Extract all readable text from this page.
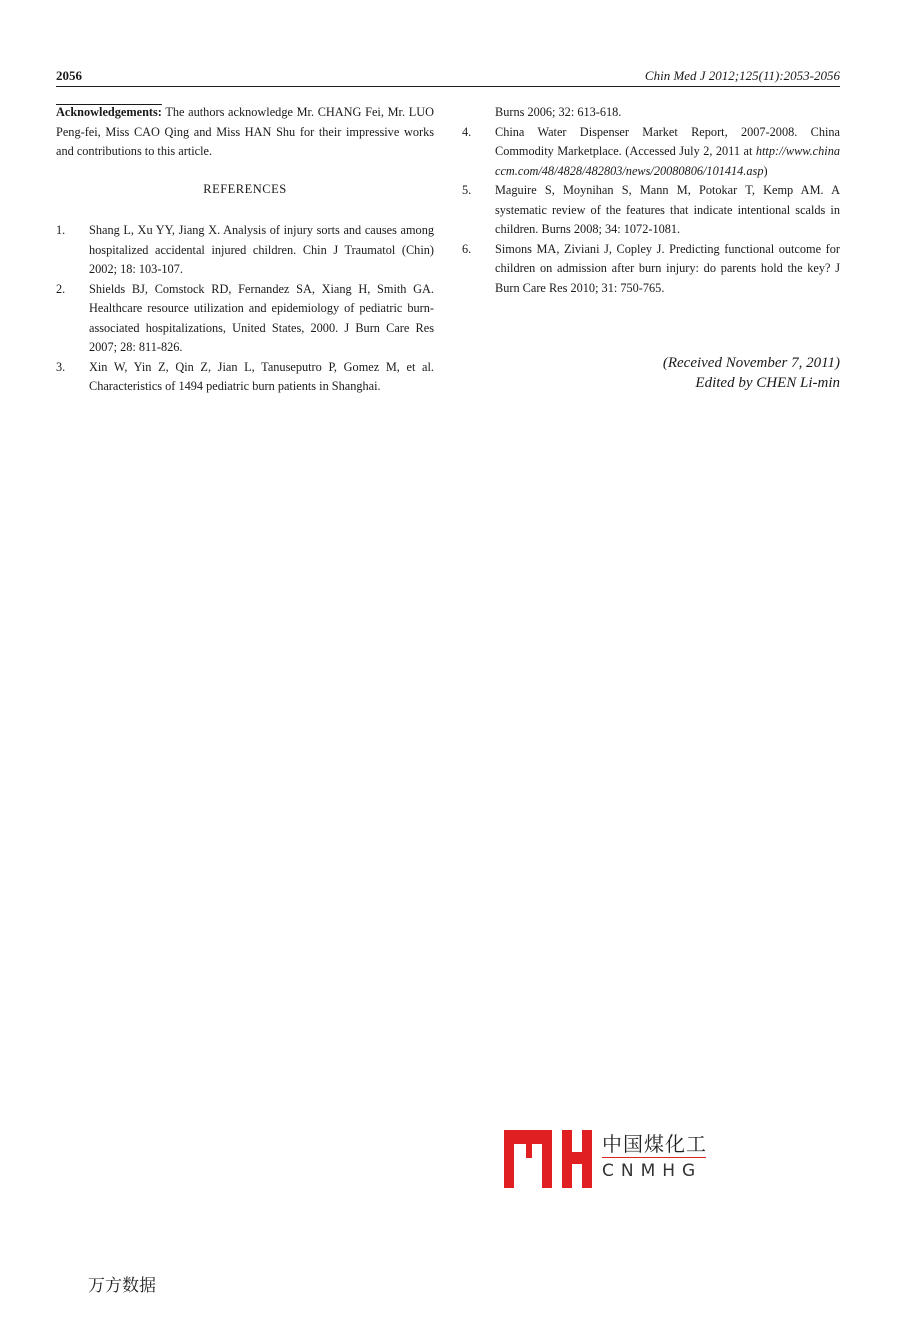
2056	Chin Med J 2012;125(11):2053-2056

Acknowledgements: The authors acknowledge Mr. CHANG Fei, Mr. LUO Peng-fei, Miss CAO Qing and Miss HAN Shu for their impressive works and contributions to this article.

REFERENCES
1. Shang L, Xu YY, Jiang X. Analysis of injury sorts and causes among hospitalized accidental injured children. Chin J Traumatol (Chin) 2002; 18: 103-107.
2. Shields BJ, Comstock RD, Fernandez SA, Xiang H, Smith GA. Healthcare resource utilization and epidemiology of pediatric burn-associated hospitalizations, United States, 2000. J Burn Care Res 2007; 28: 811-826.
3. Xin W, Yin Z, Qin Z, Jian L, Tanuseputro P, Gomez M, et al. Characteristics of 1494 pediatric burn patients in Shanghai.
Burns 2006; 32: 613-618.
4. China Water Dispenser Market Report, 2007-2008. China Commodity Marketplace. (Accessed July 2, 2011 at http://www.chinaccm.com/48/4828/482803/news/20080806/101414.asp)
5. Maguire S, Moynihan S, Mann M, Potokar T, Kemp AM. A systematic review of the features that indicate intentional scalds in children. Burns 2008; 34: 1072-1081.
6. Simons MA, Ziviani J, Copley J. Predicting functional outcome for children on admission after burn injury: do parents hold the key? J Burn Care Res 2010; 31: 750-765.
(Received November 7, 2011)
Edited by CHEN Li-min
中国煤化工
CNMHG
万方数据
